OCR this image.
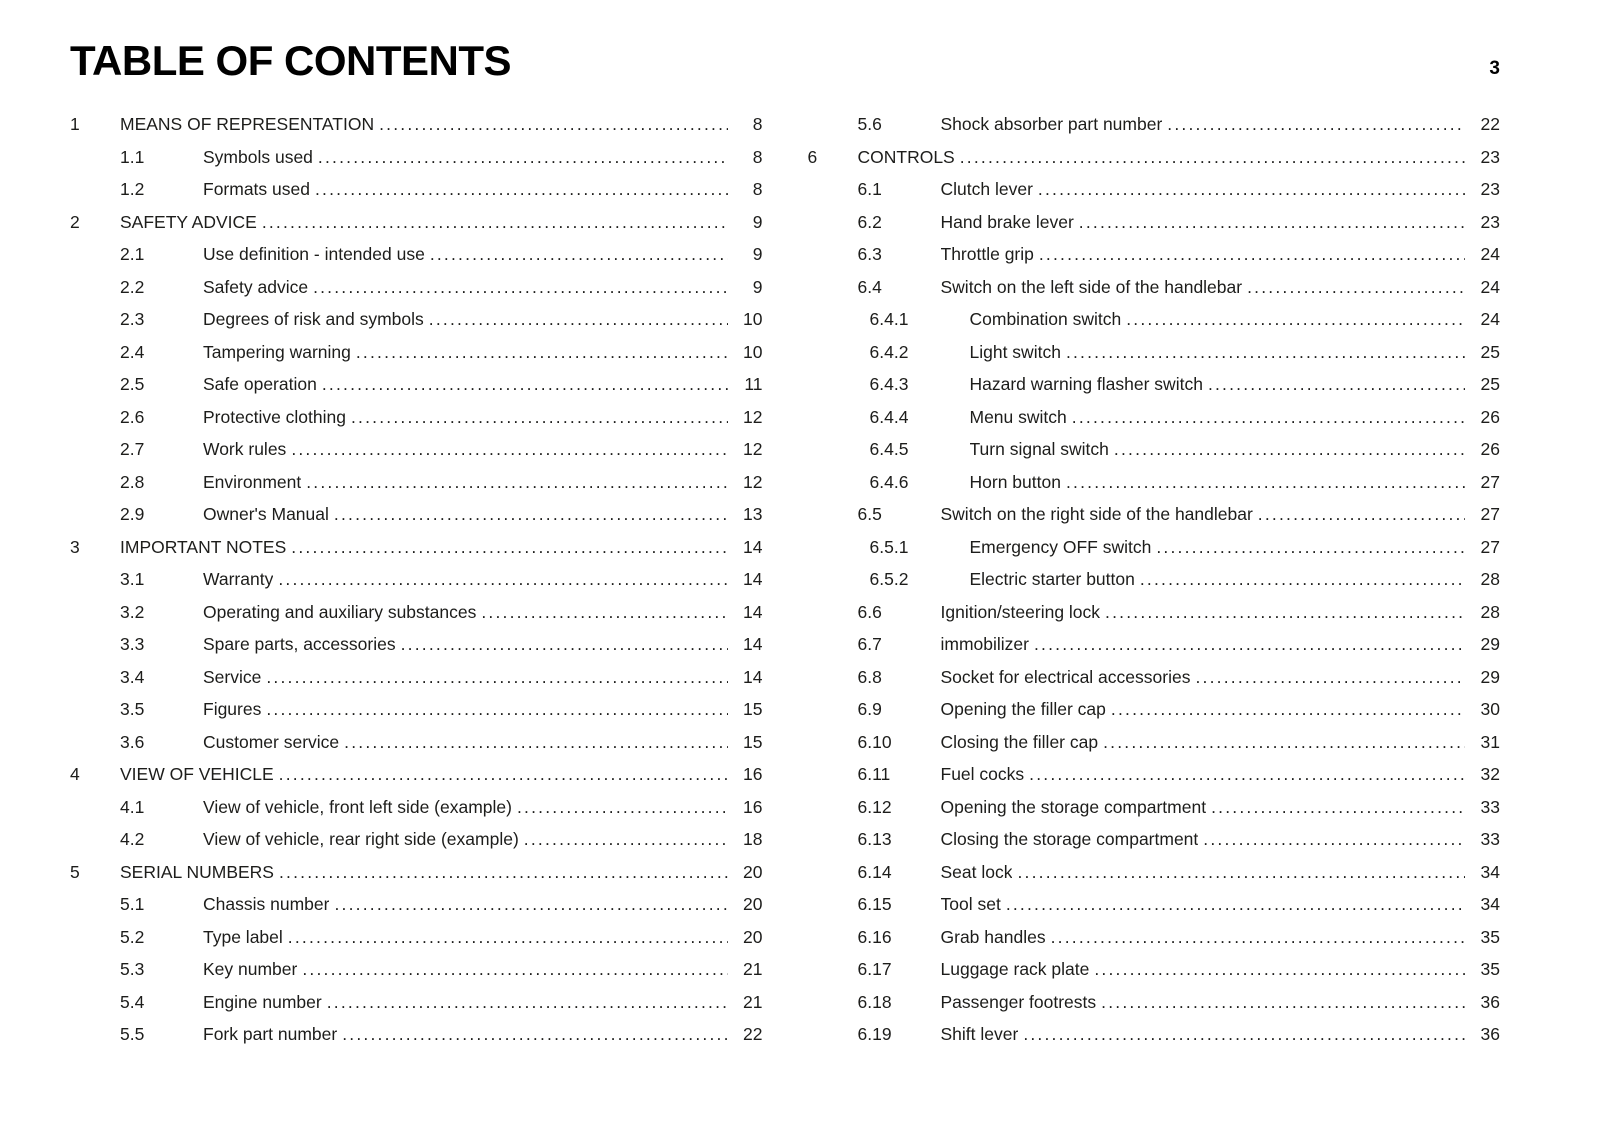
TABLE OF CONTENTS	3
1	MEANS OF REPRESENTATION .....	8
1.1	Symbols used .....	8
1.2	Formats used .....	8
2	SAFETY ADVICE .....	9
2.1	Use definition - intended use .....	9
2.2	Safety advice .....	9
2.3	Degrees of risk and symbols .....	10
2.4	Tampering warning .....	10
2.5	Safe operation .....	11
2.6	Protective clothing .....	12
2.7	Work rules .....	12
2.8	Environment .....	12
2.9	Owner's Manual .....	13
3	IMPORTANT NOTES .....	14
3.1	Warranty .....	14
3.2	Operating and auxiliary substances .....	14
3.3	Spare parts, accessories .....	14
3.4	Service .....	14
3.5	Figures .....	15
3.6	Customer service .....	15
4	VIEW OF VEHICLE .....	16
4.1	View of vehicle, front left side (example) .....	16
4.2	View of vehicle, rear right side (example) .....	18
5	SERIAL NUMBERS .....	20
5.1	Chassis number .....	20
5.2	Type label .....	20
5.3	Key number .....	21
5.4	Engine number .....	21
5.5	Fork part number .....	22
5.6	Shock absorber part number .....	22
6	CONTROLS .....	23
6.1	Clutch lever .....	23
6.2	Hand brake lever .....	23
6.3	Throttle grip .....	24
6.4	Switch on the left side of the handlebar .....	24
6.4.1	Combination switch .....	24
6.4.2	Light switch .....	25
6.4.3	Hazard warning flasher switch .....	25
6.4.4	Menu switch .....	26
6.4.5	Turn signal switch .....	26
6.4.6	Horn button .....	27
6.5	Switch on the right side of the handlebar .....	27
6.5.1	Emergency OFF switch .....	27
6.5.2	Electric starter button .....	28
6.6	Ignition/steering lock .....	28
6.7	immobilizer .....	29
6.8	Socket for electrical accessories .....	29
6.9	Opening the filler cap .....	30
6.10	Closing the filler cap .....	31
6.11	Fuel cocks .....	32
6.12	Opening the storage compartment .....	33
6.13	Closing the storage compartment .....	33
6.14	Seat lock .....	34
6.15	Tool set .....	34
6.16	Grab handles .....	35
6.17	Luggage rack plate .....	35
6.18	Passenger footrests .....	36
6.19	Shift lever .....	36
